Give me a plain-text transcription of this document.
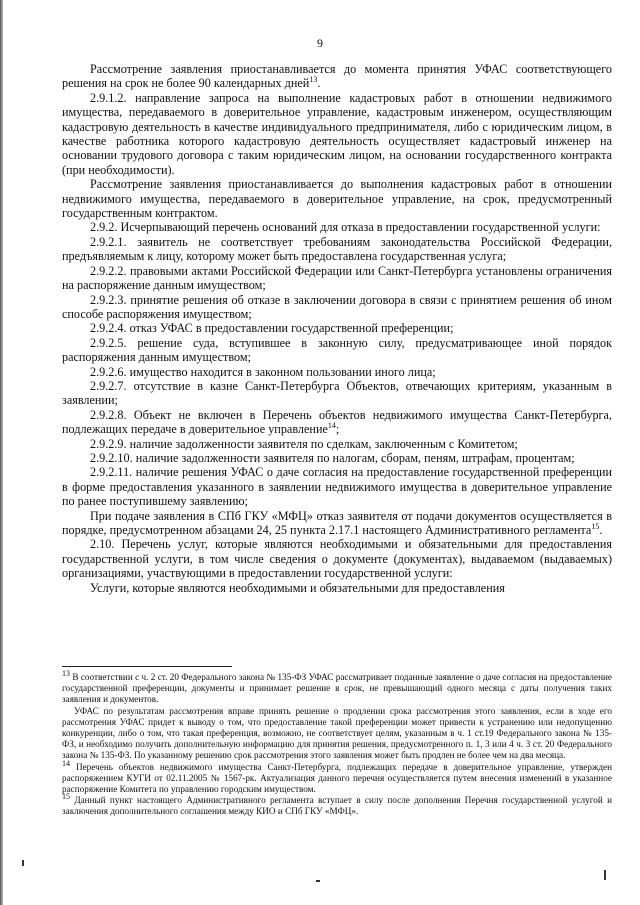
9

Рассмотрение заявления приостанавливается до момента принятия УФАС соответствующего решения на срок не более 90 календарных дней$^{13}$.

2.9.1.2. направление запроса на выполнение кадастровых работ в отношении недвижимого имущества, передаваемого в доверительное управление, кадастровым инженером, осуществляющим кадастровую деятельность в качестве индивидуального предпринимателя, либо с юридическим лицом, в качестве работника которого кадастровую деятельность осуществляет кадастровый инженер на основании трудового договора с таким юридическим лицом, на основании государственного контракта (при необходимости).

Рассмотрение заявления приостанавливается до выполнения кадастровых работ в отношении недвижимого имущества, передаваемого в доверительное управление, на срок, предусмотренный государственным контрактом.

2.9.2. Исчерпывающий перечень оснований для отказа в предоставлении государственной услуги:

2.9.2.1. заявитель не соответствует требованиям законодательства Российской Федерации, предъявляемым к лицу, которому может быть предоставлена государственная услуга;

2.9.2.2. правовыми актами Российской Федерации или Санкт-Петербурга установлены ограничения на распоряжение данным имуществом;

2.9.2.3. принятие решения об отказе в заключении договора в связи с принятием решения об ином способе распоряжения имуществом;

2.9.2.4. отказ УФАС в предоставлении государственной преференции;

2.9.2.5. решение суда, вступившее в законную силу, предусматривающее иной порядок распоряжения данным имуществом;

2.9.2.6. имущество находится в законном пользовании иного лица;

2.9.2.7. отсутствие в казне Санкт-Петербурга Объектов, отвечающих критериям, указанным в заявлении;

2.9.2.8. Объект не включен в Перечень объектов недвижимого имущества Санкт-Петербурга, подлежащих передаче в доверительное управление$^{14}$;

2.9.2.9. наличие задолженности заявителя по сделкам, заключенным с Комитетом;

2.9.2.10. наличие задолженности заявителя по налогам, сборам, пеням, штрафам, процентам;

2.9.2.11. наличие решения УФАС о даче согласия на предоставление государственной преференции в форме предоставления указанного в заявлении недвижимого имущества в доверительное управление по ранее поступившему заявлению;

При подаче заявления в СПб ГКУ «МФЦ» отказ заявителя от подачи документов осуществляется в порядке, предусмотренном абзацами 24, 25 пункта 2.17.1 настоящего Административного регламента$^{15}$.

2.10. Перечень услуг, которые являются необходимыми и обязательными для предоставления государственной услуги, в том числе сведения о документе (документах), выдаваемом (выдаваемых) организациями, участвующими в предоставлении государственной услуги:

Услуги, которые являются необходимыми и обязательными для предоставления

$^{13}$ В соответствии с ч. 2 ст. 20 Федерального закона № 135-ФЗ УФАС рассматривает поданные заявление о даче согласия на предоставление государственной преференции, документы и принимает решение в срок, не превышающий одного месяца с даты получения таких заявления и документов.

УФАС по результатам рассмотрения вправе принять решение о продлении срока рассмотрения этого заявления, если в ходе его рассмотрения УФАС придет к выводу о том, что предоставление такой преференции может привести к устранению или недопущению конкуренции, либо о том, что такая преференция, возможно, не соответствует целям, указанным в ч. 1 ст.19 Федерального закона № 135-ФЗ, и необходимо получить дополнительную информацию для принятия решения, предусмотренного п. 1, 3 или 4 ч. 3 ст. 20 Федерального закона № 135-ФЗ. По указанному решению срок рассмотрения этого заявления может быть продлен не более чем на два месяца.

$^{14}$ Перечень объектов недвижимого имущества Санкт-Петербурга, подлежащих передаче в доверительное управление, утвержден распоряжением КУГИ от 02.11.2005 № 1567-рк. Актуализация данного перечня осуществляется путем внесения изменений в указанное распоряжение Комитета по управлению городским имуществом.

$^{15}$ Данный пункт настоящего Административного регламента вступает в силу после дополнения Перечня государственной услугой и заключения дополнительного соглашения между КИО и СПб ГКУ «МФЦ».
